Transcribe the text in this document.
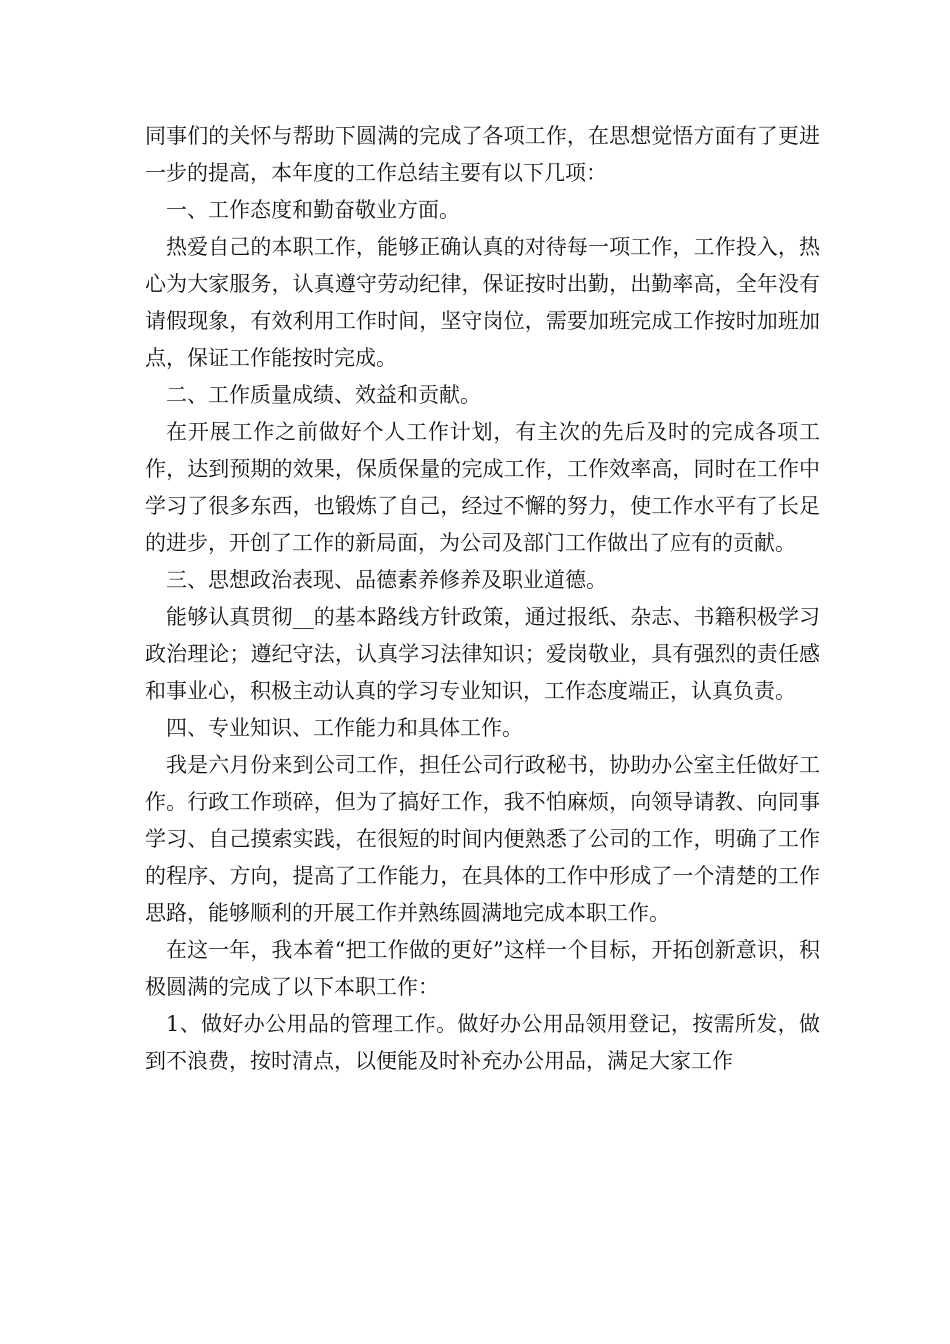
同事们的关怀与帮助下圆满的完成了各项工作，在思想觉悟方面有了更进一步的提高，本年度的工作总结主要有以下几项：

一、工作态度和勤奋敬业方面。

热爱自己的本职工作，能够正确认真的对待每一项工作，工作投入，热心为大家服务，认真遵守劳动纪律，保证按时出勤，出勤率高，全年没有请假现象，有效利用工作时间，坚守岗位，需要加班完成工作按时加班加点，保证工作能按时完成。

二、工作质量成绩、效益和贡献。

在开展工作之前做好个人工作计划，有主次的先后及时的完成各项工作，达到预期的效果，保质保量的完成工作，工作效率高，同时在工作中学习了很多东西，也锻炼了自己，经过不懈的努力，使工作水平有了长足的进步，开创了工作的新局面，为公司及部门工作做出了应有的贡献。

三、思想政治表现、品德素养修养及职业道德。

能够认真贯彻__的基本路线方针政策，通过报纸、杂志、书籍积极学习政治理论；遵纪守法，认真学习法律知识；爱岗敬业，具有强烈的责任感和事业心，积极主动认真的学习专业知识，工作态度端正，认真负责。

四、专业知识、工作能力和具体工作。

我是六月份来到公司工作，担任公司行政秘书，协助办公室主任做好工作。行政工作琐碎，但为了搞好工作，我不怕麻烦，向领导请教、向同事学习、自己摸索实践，在很短的时间内便熟悉了公司的工作，明确了工作的程序、方向，提高了工作能力，在具体的工作中形成了一个清楚的工作思路，能够顺利的开展工作并熟练圆满地完成本职工作。

在这一年，我本着“把工作做的更好”这样一个目标，开拓创新意识，积极圆满的完成了以下本职工作：

1、做好办公用品的管理工作。做好办公用品领用登记，按需所发，做到不浪费，按时清点，以便能及时补充办公用品，满足大家工作
